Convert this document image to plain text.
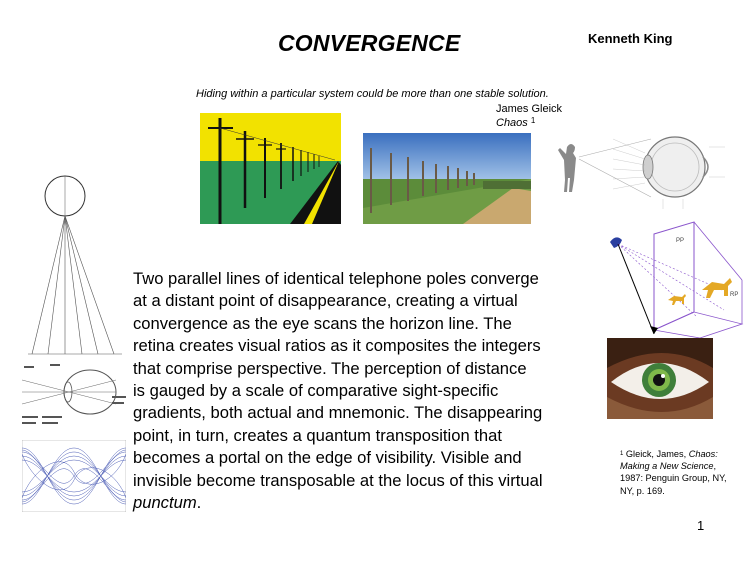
CONVERGENCE	Kenneth King
Hiding within a particular system could be more than one stable solution.
James Gleick
Chaos $^1$
PP
RP
Two parallel lines of identical telephone poles converge
at a distant point of disappearance, creating a virtual
convergence as the eye scans the horizon line. The
retina creates visual ratios as it composites the integers
that comprise perspective. The perception of distance
is gauged by a scale of comparative sight-specific
gradients, both actual and mnemonic. The disappearing
point, in turn, creates a quantum transposition that
becomes a portal on the edge of visibility. Visible and
invisible become transposable at the locus of this virtual
punctum.
$^1$ Gleick, James, Chaos: Making a New Science, 1987: Penguin Group, NY, NY, p. 169.
1
